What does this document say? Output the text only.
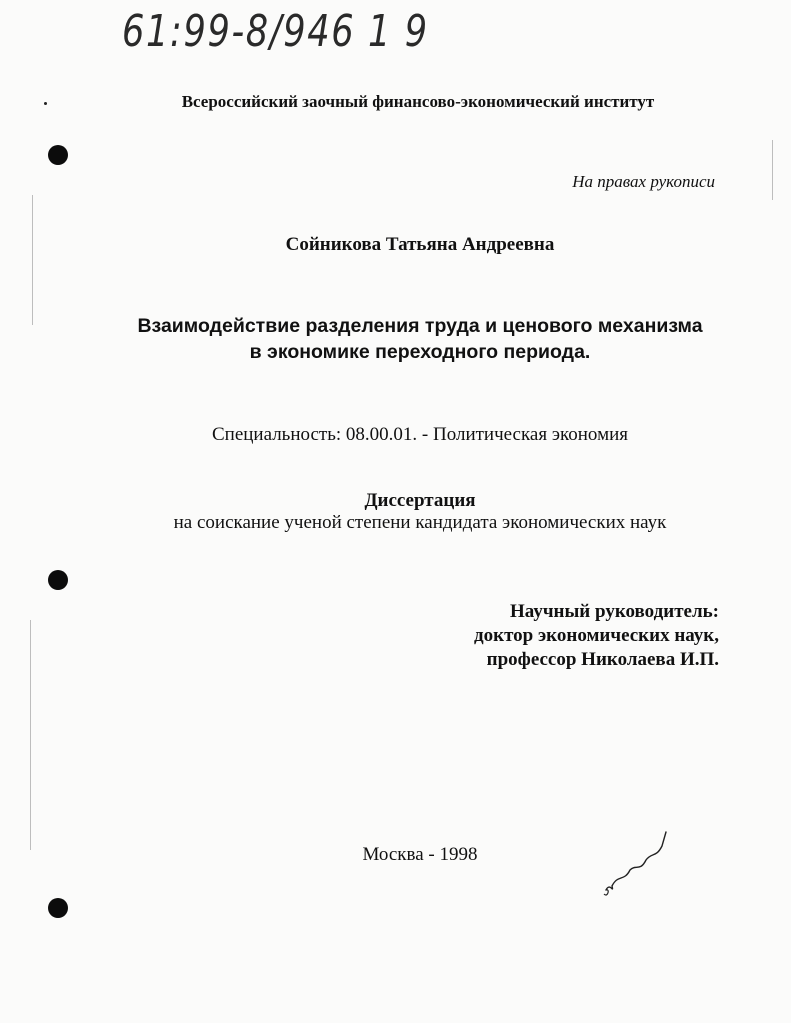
61:99-8/946 1 9
Всероссийский заочный финансово-экономический институт
На правах рукописи
Сойникова Татьяна Андреевна
Взаимодействие разделения труда и ценового механизма
в экономике переходного периода.
Специальность: 08.00.01. - Политическая экономия
Диссертация
на соискание ученой степени кандидата экономических наук
Научный руководитель:
доктор экономических наук,
профессор Николаева И.П.
Москва - 1998
